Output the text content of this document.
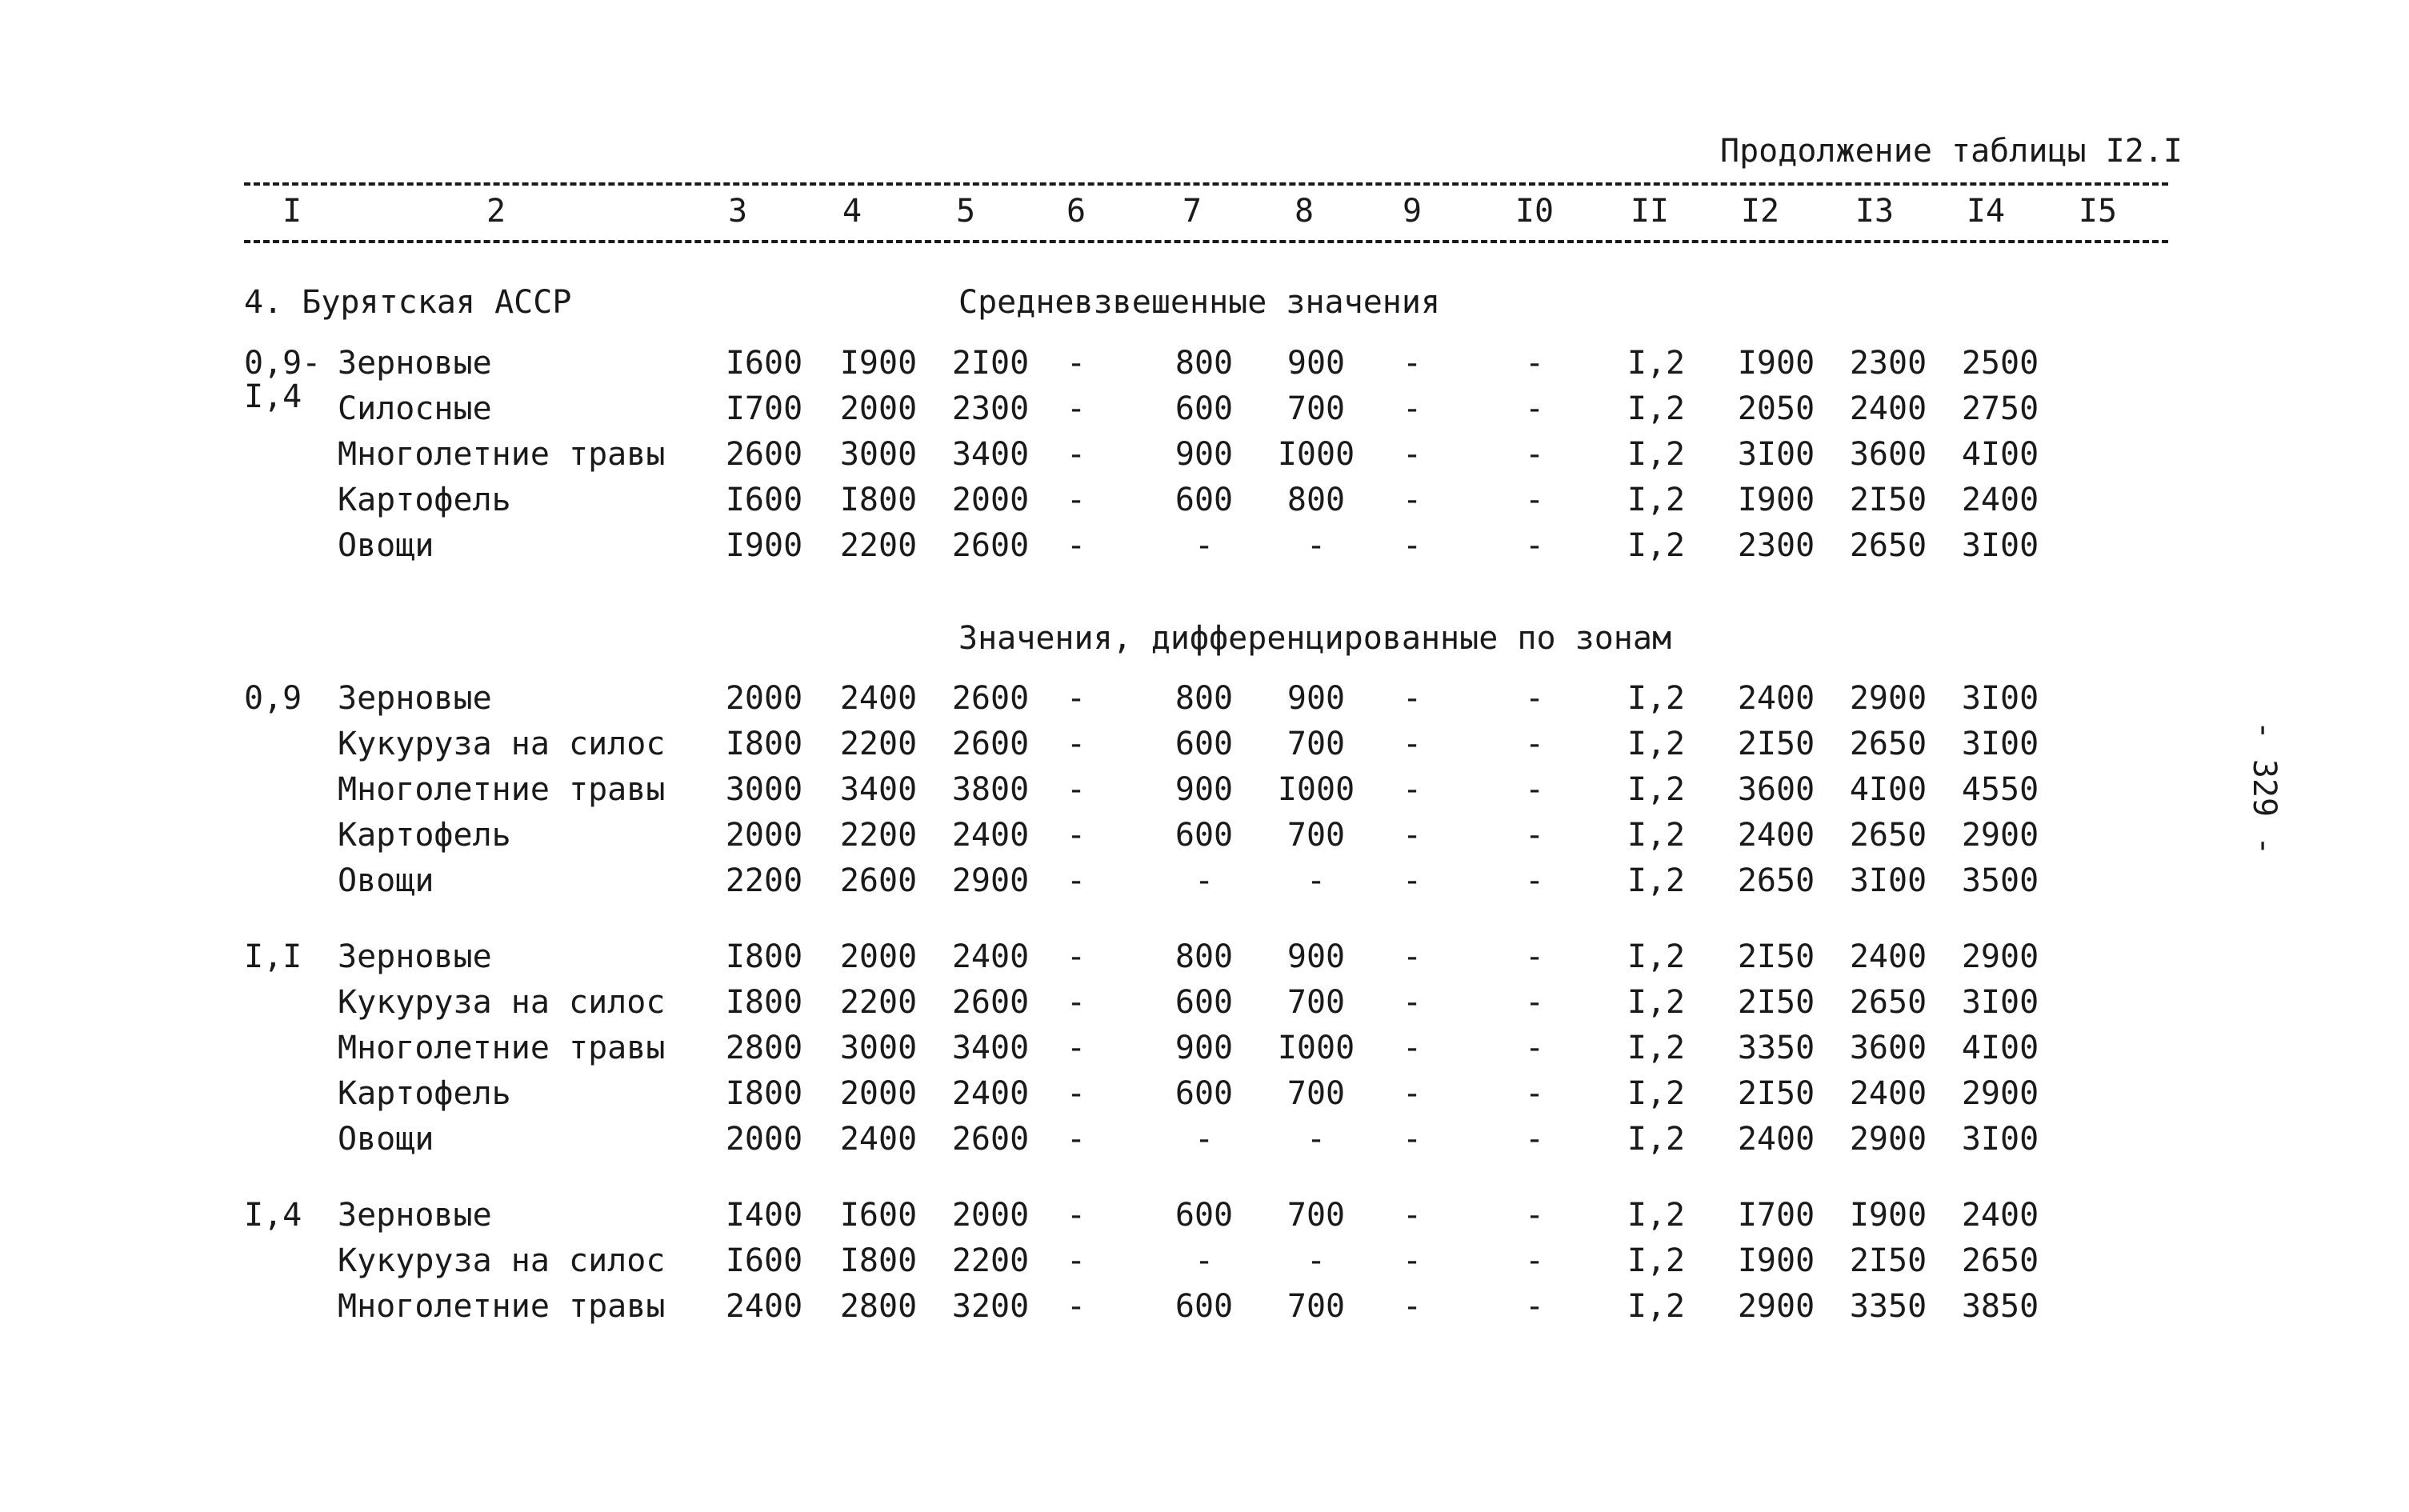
Продолжение таблицы I2.I
I	2	3	4	5	6	7	8	9	I0	II	I2	I3	I4	I5
4. Бурятская АССР	Средневзвешенные значения
0,9-
I,4
Зерновые	I600	I900	2I00	-	800	900	-	-	I,2	I900	2300	2500
Силосные	I700	2000	2300	-	600	700	-	-	I,2	2050	2400	2750
Многолетние травы	2600	3000	3400	-	900	I000	-	-	I,2	3I00	3600	4I00
Картофель	I600	I800	2000	-	600	800	-	-	I,2	I900	2I50	2400
Овощи	I900	2200	2600	-	-	-	-	-	I,2	2300	2650	3I00
Значения, дифференцированные по зонам
0,9 Зерновые	2000	2400	2600	-	800	900	-	-	I,2	2400	2900	3I00
Кукуруза на силос	I800	2200	2600	-	600	700	-	-	I,2	2I50	2650	3I00
Многолетние травы	3000	3400	3800	-	900	I000	-	-	I,2	3600	4I00	4550
Картофель	2000	2200	2400	-	600	700	-	-	I,2	2400	2650	2900
Овощи	2200	2600	2900	-	-	-	-	-	I,2	2650	3I00	3500
I,I Зерновые	I800	2000	2400	-	800	900	-	-	I,2	2I50	2400	2900
Кукуруза на силос	I800	2200	2600	-	600	700	-	-	I,2	2I50	2650	3I00
Многолетние травы	2800	3000	3400	-	900	I000	-	-	I,2	3350	3600	4I00
Картофель	I800	2000	2400	-	600	700	-	-	I,2	2I50	2400	2900
Овощи	2000	2400	2600	-	-	-	-	-	I,2	2400	2900	3I00
I,4 Зерновые	I400	I600	2000	-	600	700	-	-	I,2	I700	I900	2400
Кукуруза на силос	I600	I800	2200	-	-	-	-	-	I,2	I900	2I50	2650
Многолетние травы	2400	2800	3200	-	600	700	-	-	I,2	2900	3350	3850
- 329 -
